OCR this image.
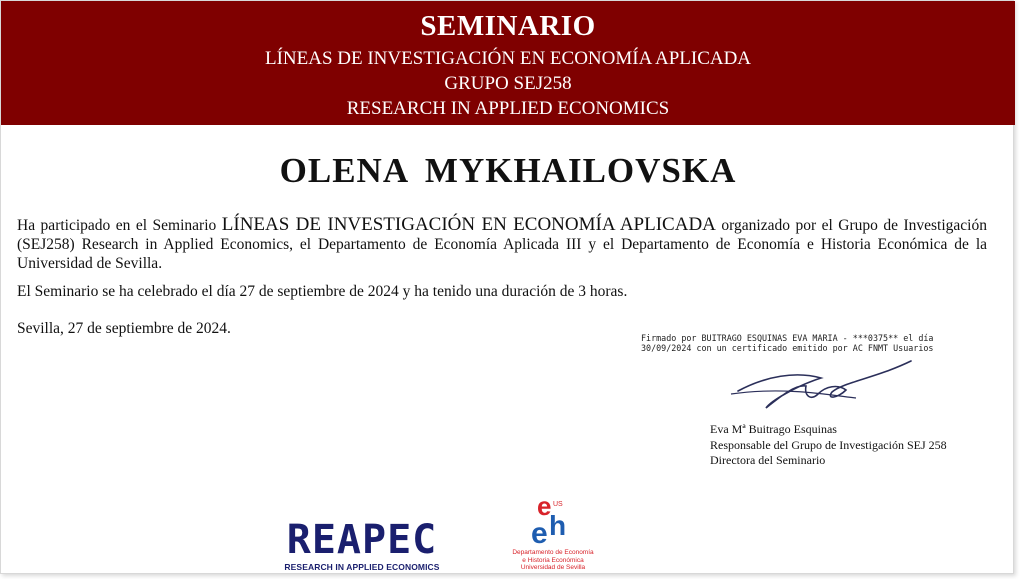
SEMINARIO
LÍNEAS DE INVESTIGACIÓN EN ECONOMÍA APLICADA
GRUPO SEJ258
RESEARCH IN APPLIED ECONOMICS
OLENA MYKHAILOVSKA
Ha participado en el Seminario LÍNEAS DE INVESTIGACIÓN EN ECONOMÍA APLICADA organizado por el Grupo de Investigación (SEJ258) Research in Applied Economics, el Departamento de Economía Aplicada III y el Departamento de Economía e Historia Económica de la Universidad de Sevilla.
El Seminario se ha celebrado el día 27 de septiembre de 2024 y ha tenido una duración de 3 horas.
Sevilla, 27 de septiembre de 2024.
Firmado por BUITRAGO ESQUINAS EVA MARIA - ***0375** el día
30/09/2024 con un certificado emitido por AC FNMT Usuarios
Eva Mª Buitrago Esquinas
Responsable del Grupo de Investigación SEJ 258
Directora del Seminario
REAPEC
RESEARCH IN APPLIED ECONOMICS
e US
e h
Departamento de Economía
e Historia Económica
Universidad de Sevilla
